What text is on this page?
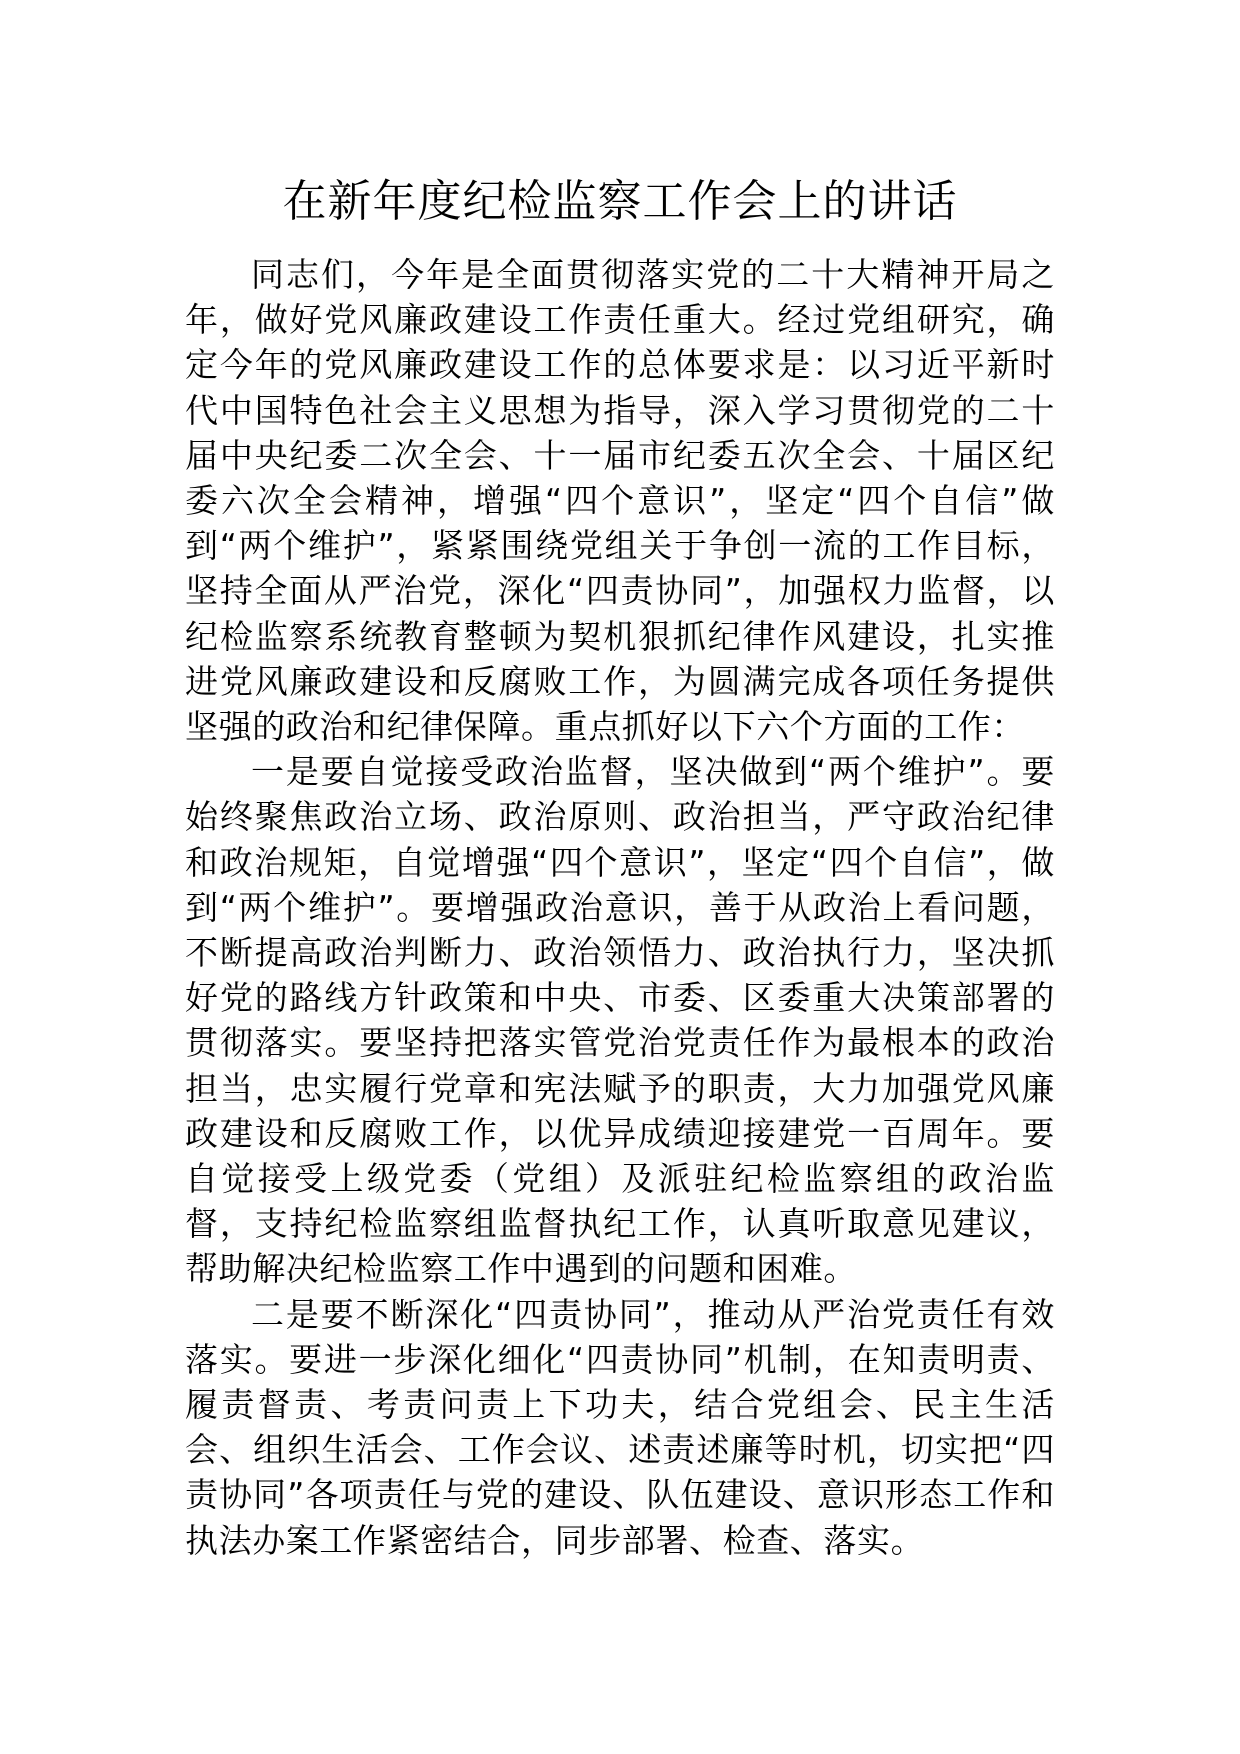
在新年度纪检监察工作会上的讲话

同志们，今年是全面贯彻落实党的二十大精神开局之年，做好党风廉政建设工作责任重大。经过党组研究，确定今年的党风廉政建设工作的总体要求是：以习近平新时代中国特色社会主义思想为指导，深入学习贯彻党的二十届中央纪委二次全会、十一届市纪委五次全会、十届区纪委六次全会精神，增强“四个意识”，坚定“四个自信”做到“两个维护”，紧紧围绕党组关于争创一流的工作目标，坚持全面从严治党，深化“四责协同”，加强权力监督，以纪检监察系统教育整顿为契机狠抓纪律作风建设，扎实推进党风廉政建设和反腐败工作，为圆满完成各项任务提供坚强的政治和纪律保障。重点抓好以下六个方面的工作：

一是要自觉接受政治监督，坚决做到“两个维护”。要始终聚焦政治立场、政治原则、政治担当，严守政治纪律和政治规矩，自觉增强“四个意识”，坚定“四个自信”，做到“两个维护”。要增强政治意识，善于从政治上看问题，不断提高政治判断力、政治领悟力、政治执行力，坚决抓好党的路线方针政策和中央、市委、区委重大决策部署的贯彻落实。要坚持把落实管党治党责任作为最根本的政治担当，忠实履行党章和宪法赋予的职责，大力加强党风廉政建设和反腐败工作，以优异成绩迎接建党一百周年。要自觉接受上级党委（党组）及派驻纪检监察组的政治监督，支持纪检监察组监督执纪工作，认真听取意见建议，帮助解决纪检监察工作中遇到的问题和困难。

二是要不断深化“四责协同”，推动从严治党责任有效落实。要进一步深化细化“四责协同”机制，在知责明责、履责督责、考责问责上下功夫，结合党组会、民主生活会、组织生活会、工作会议、述责述廉等时机，切实把“四责协同”各项责任与党的建设、队伍建设、意识形态工作和执法办案工作紧密结合，同步部署、检查、落实。
